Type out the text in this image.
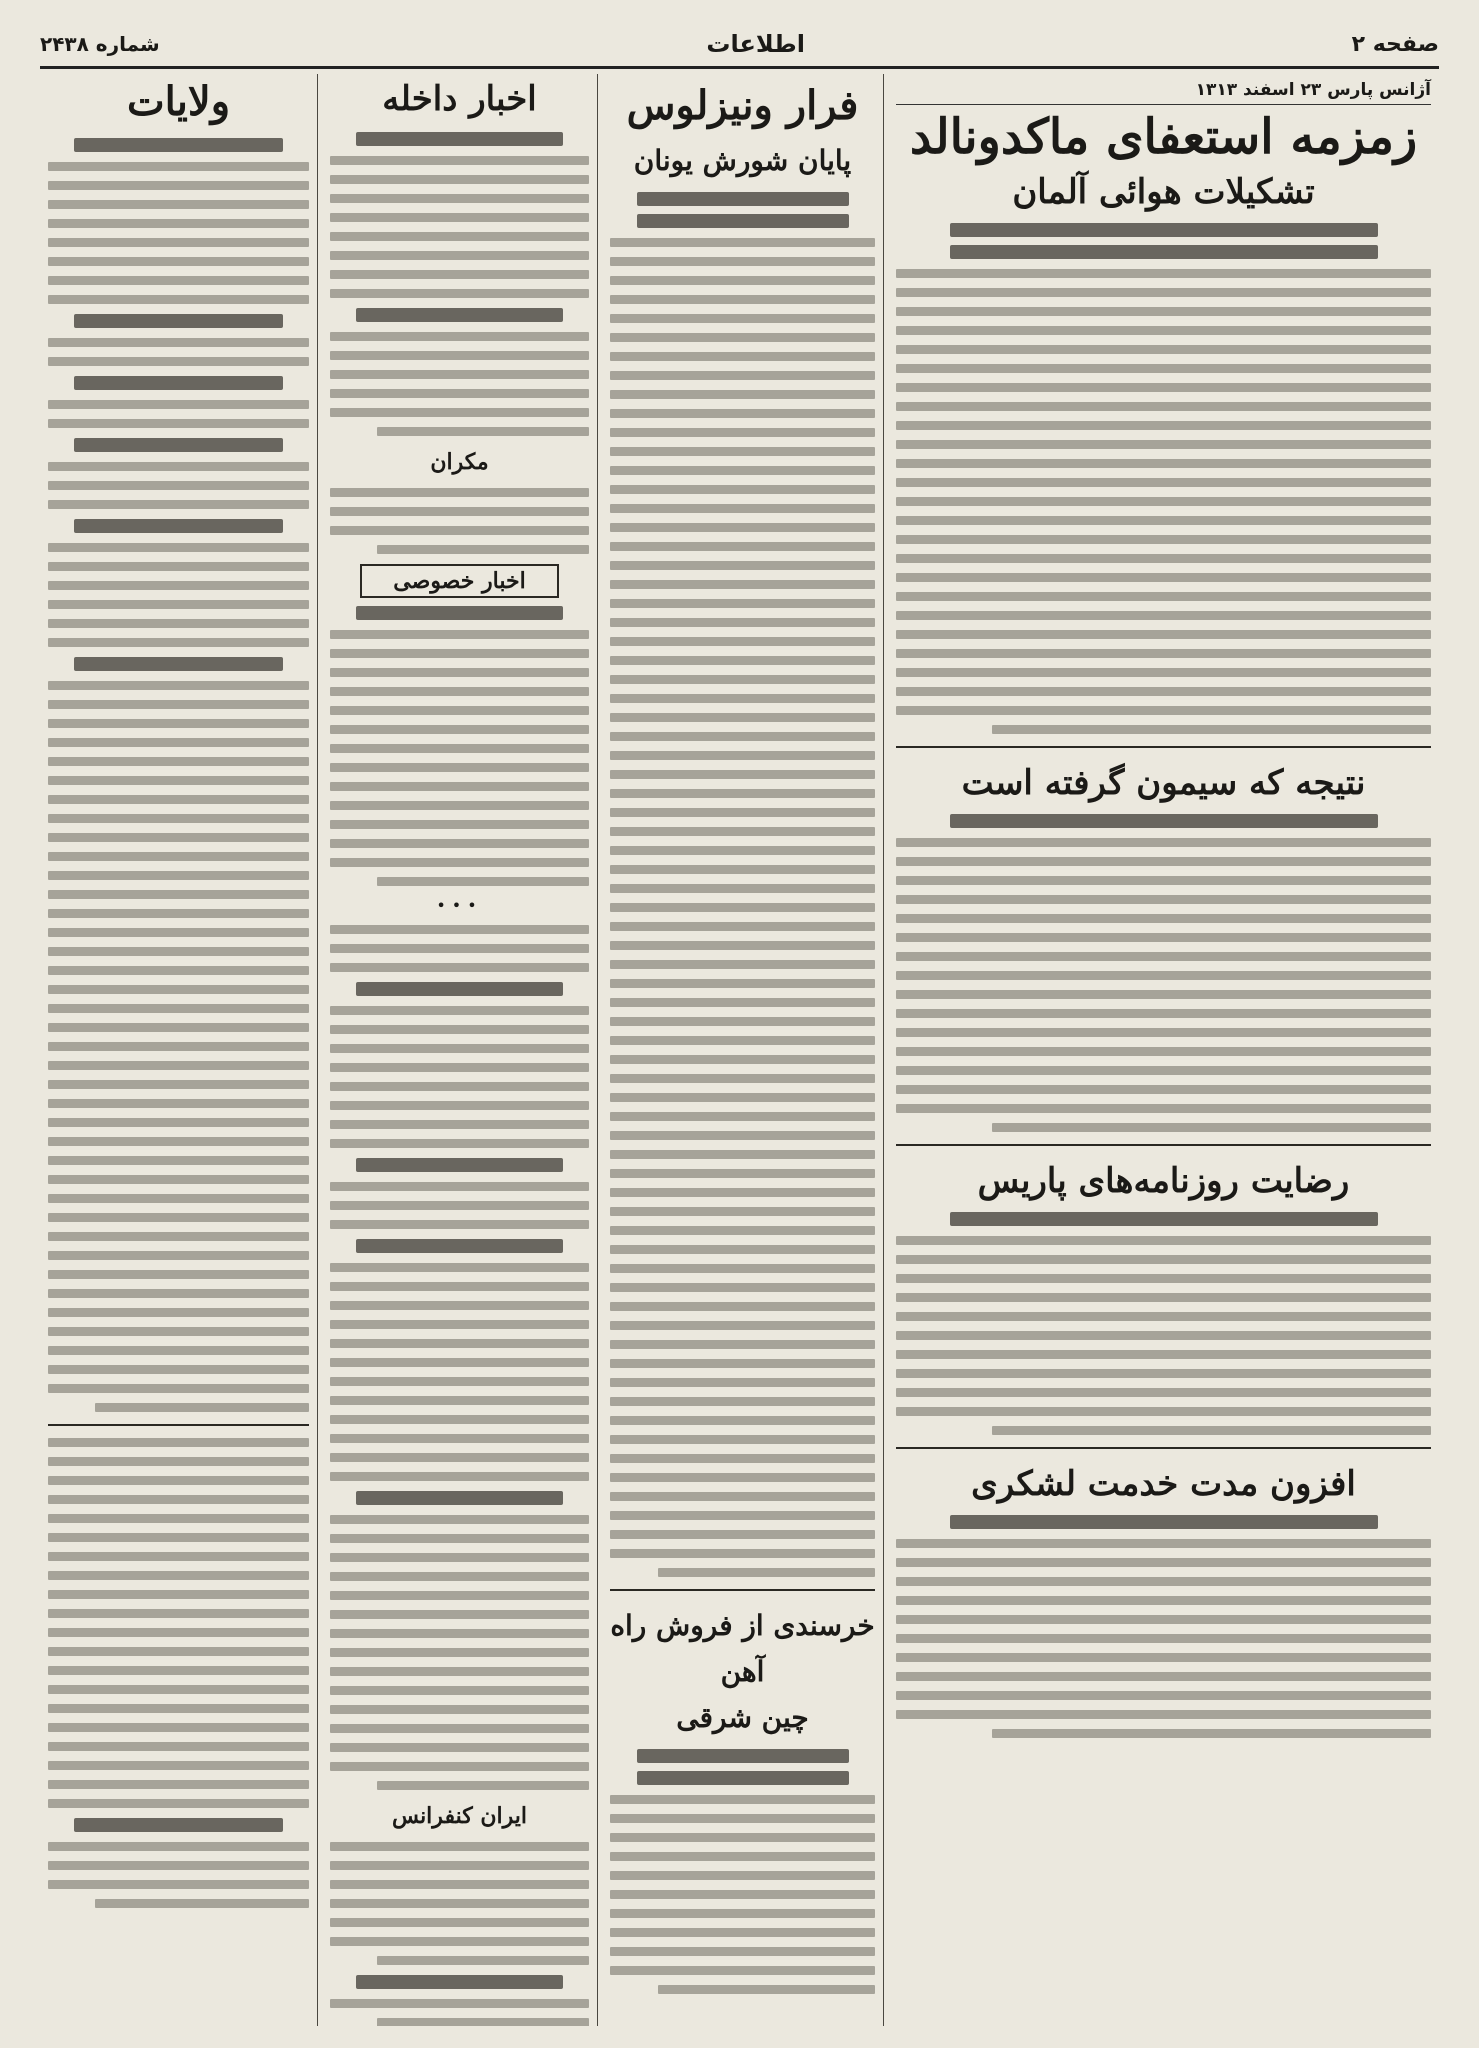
صفحه ۲
اطلاعات
شماره ۲۴۳۸
آژانس پارس ۲۳ اسفند ۱۳۱۳
زمزمه استعفای ماکدونالد
تشکیلات هوائی آلمان
نتیجه که سیمون گرفته است
رضایت روزنامه‌های پاریس
افزون مدت خدمت لشکری
فرار ونیزلوس
پایان شورش یونان
خرسندی از فروش راه آهن
چین شرقی
اخبار داخله
مکران
اخبار خصوصی
•••
ایران کنفرانس
ولایات
